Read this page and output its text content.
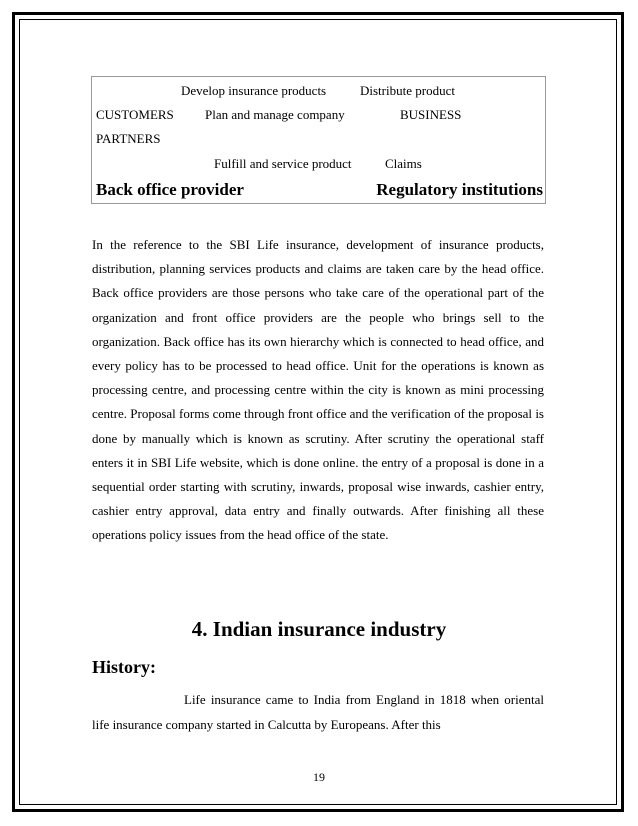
Develop insurance products	Distribute product
CUSTOMERS Plan and manage company	BUSINESS
PARTNERS
Fulfill and service product	Claims
Back office provider	Regulatory institutions

In the reference to the SBI Life insurance, development of insurance products, distribution, planning services products and claims are taken care by the head office. Back office providers are those persons who take care of the operational part of the organization and front office providers are the people who brings sell to the organization. Back office has its own hierarchy which is connected to head office, and every policy has to be processed to head office. Unit for the operations is known as processing centre, and processing centre within the city is known as mini processing centre. Proposal forms come through front office and the verification of the proposal is done by manually which is known as scrutiny. After scrutiny the operational staff enters it in SBI Life website, which is done online. the entry of a proposal is done in a sequential order starting with scrutiny, inwards, proposal wise inwards, cashier entry, cashier entry approval, data entry and finally outwards. After finishing all these operations policy issues from the head office of the state.

4. Indian insurance industry
History:

Life insurance came to India from England in 1818 when oriental life insurance company started in Calcutta by Europeans. After this

19
